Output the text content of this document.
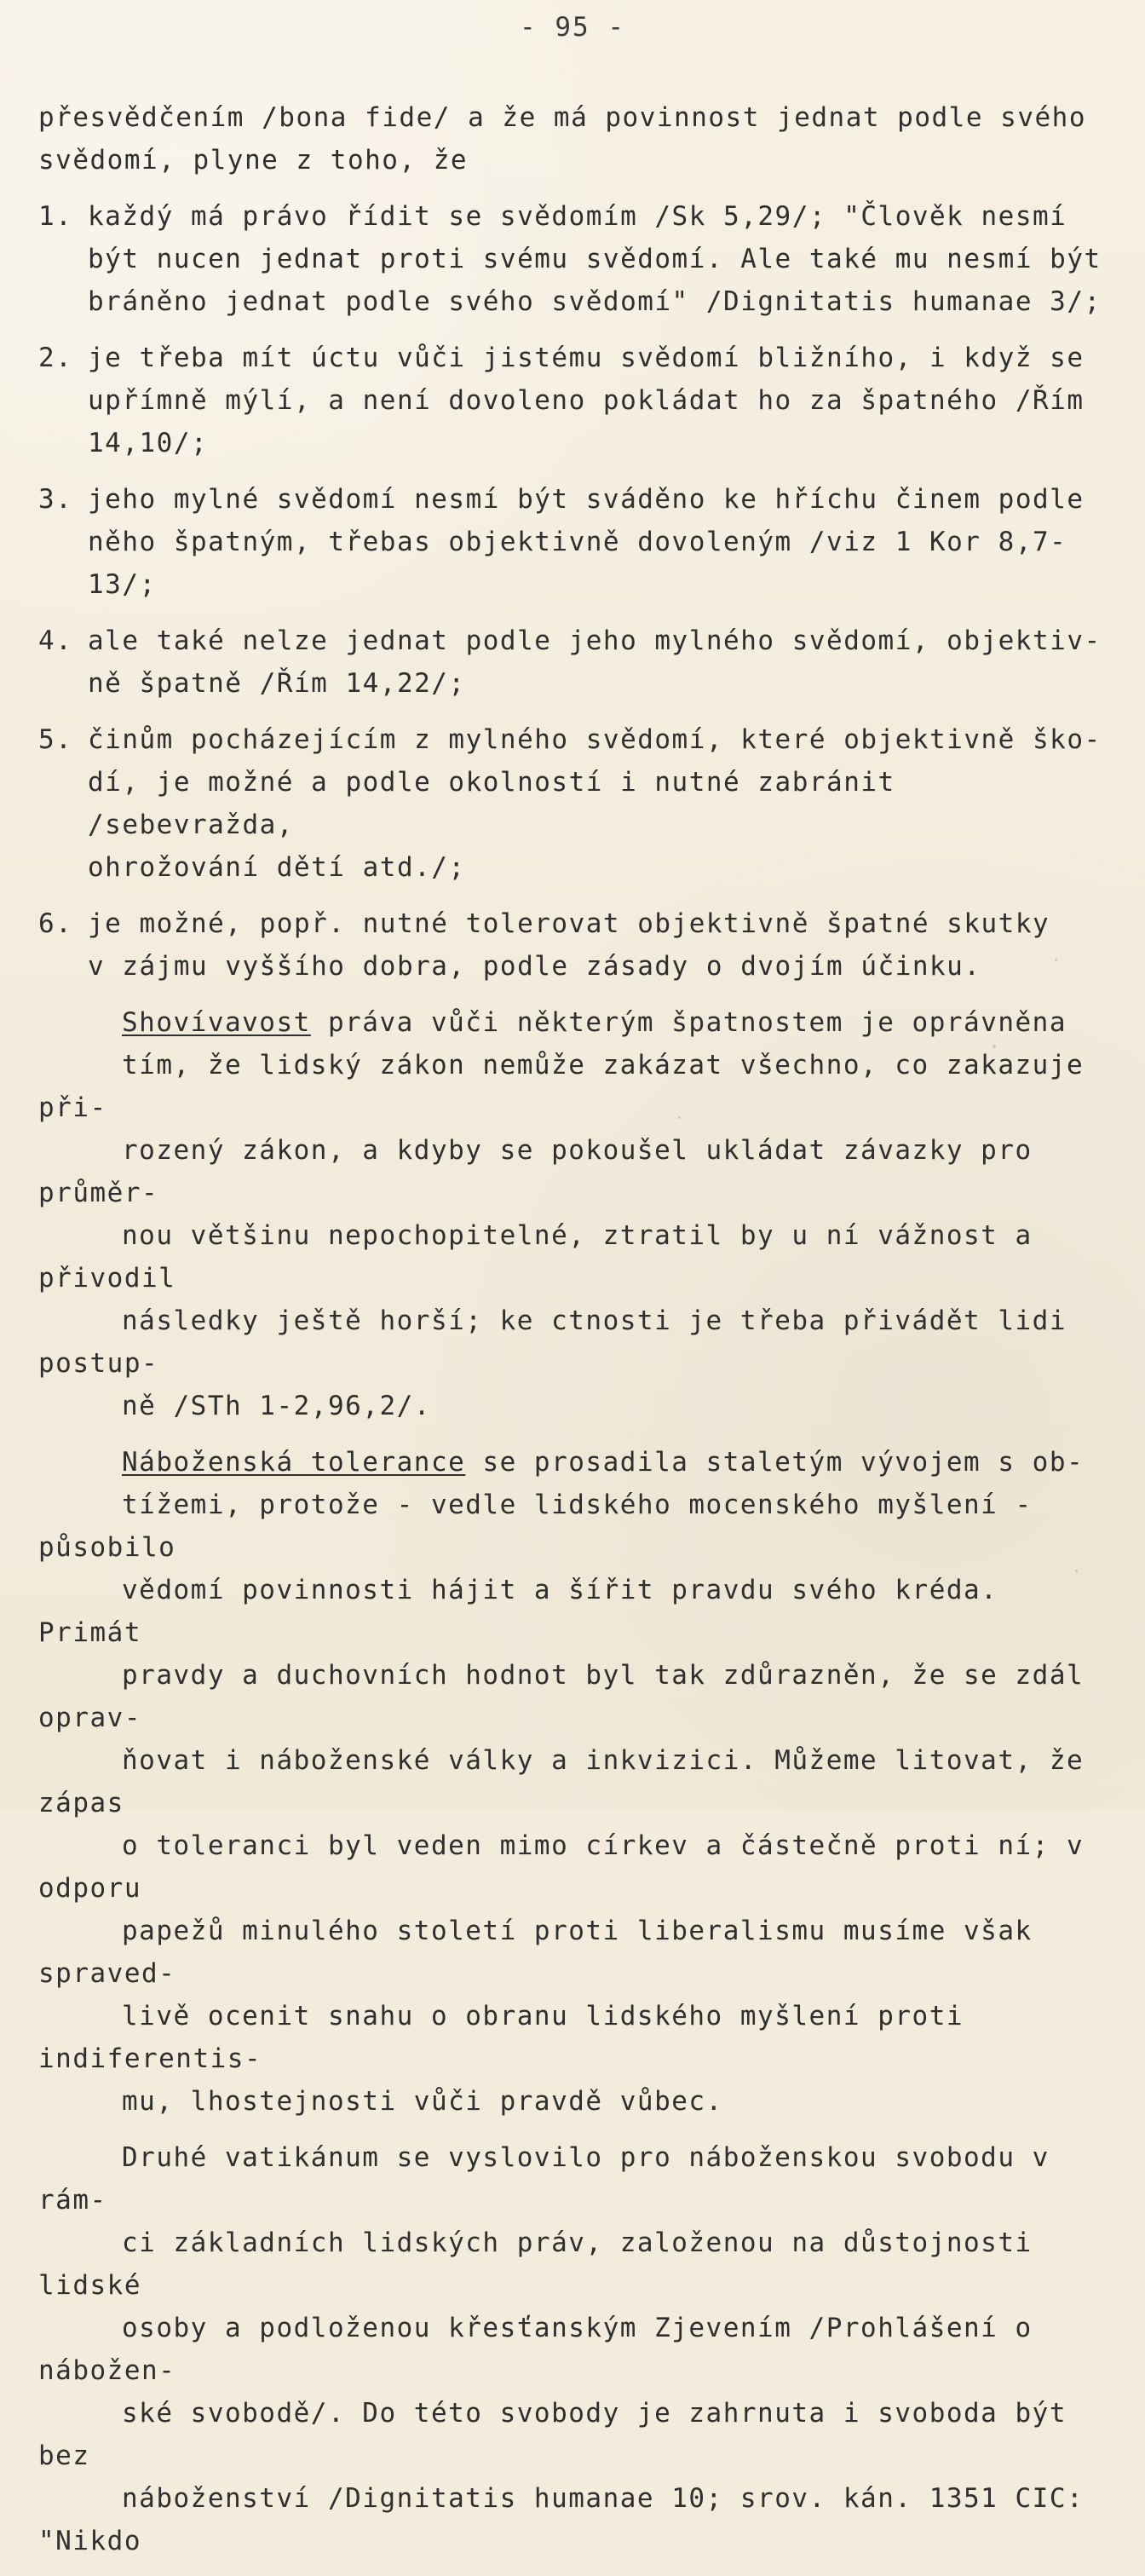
- 95 -

přesvědčením /bona fide/ a že má povinnost jednat podle svého
svědomí, plyne z toho, že

1. každý má právo řídit se svědomím /Sk 5,29/; "Člověk nesmí
být nucen jednat proti svému svědomí. Ale také mu nesmí být
bráněno jednat podle svého svědomí" /Dignitatis humanae 3/;
2. je třeba mít úctu vůči jistému svědomí bližního, i když se
upřímně mýlí, a není dovoleno pokládat ho za špatného /Řím
14,10/;
3. jeho mylné svědomí nesmí být sváděno ke hříchu činem podle
něho špatným, třebas objektivně dovoleným /viz 1 Kor 8,7-13/;
4. ale také nelze jednat podle jeho mylného svědomí, objektiv-
ně špatně /Řím 14,22/;
5. činům pocházejícím z mylného svědomí, které objektivně ško-
dí, je možné a podle okolností i nutné zabránit /sebevražda,
ohrožování dětí atd./;
6. je možné, popř. nutné tolerovat objektivně špatné skutky
v zájmu vyššího dobra, podle zásady o dvojím účinku.

Shovívavost práva vůči některým špatnostem je oprávněna
tím, že lidský zákon nemůže zakázat všechno, co zakazuje při-
rozený zákon, a kdyby se pokoušel ukládat závazky pro průměr-
nou většinu nepochopitelné, ztratil by u ní vážnost a přivodil
následky ještě horší; ke ctnosti je třeba přivádět lidi postup-
ně /STh 1-2,96,2/.

Náboženská tolerance se prosadila staletým vývojem s ob-
tížemi, protože - vedle lidského mocenského myšlení - působilo
vědomí povinnosti hájit a šířit pravdu svého kréda. Primát
pravdy a duchovních hodnot byl tak zdůrazněn, že se zdál oprav-
ňovat i náboženské války a inkvizici. Můžeme litovat, že zápas
o toleranci byl veden mimo církev a částečně proti ní; v odporu
papežů minulého století proti liberalismu musíme však spraved-
livě ocenit snahu o obranu lidského myšlení proti indiferentis-
mu, lhostejnosti vůči pravdě vůbec.

Druhé vatikánum se vyslovilo pro náboženskou svobodu v rám-
ci základních lidských práv, založenou na důstojnosti lidské
osoby a podloženou křesťanským Zjevením /Prohlášení o nábožen-
ské svobodě/. Do této svobody je zahrnuta i svoboda být bez
náboženství /Dignitatis humanae 10; srov. kán. 1351 CIC: "Nikdo
